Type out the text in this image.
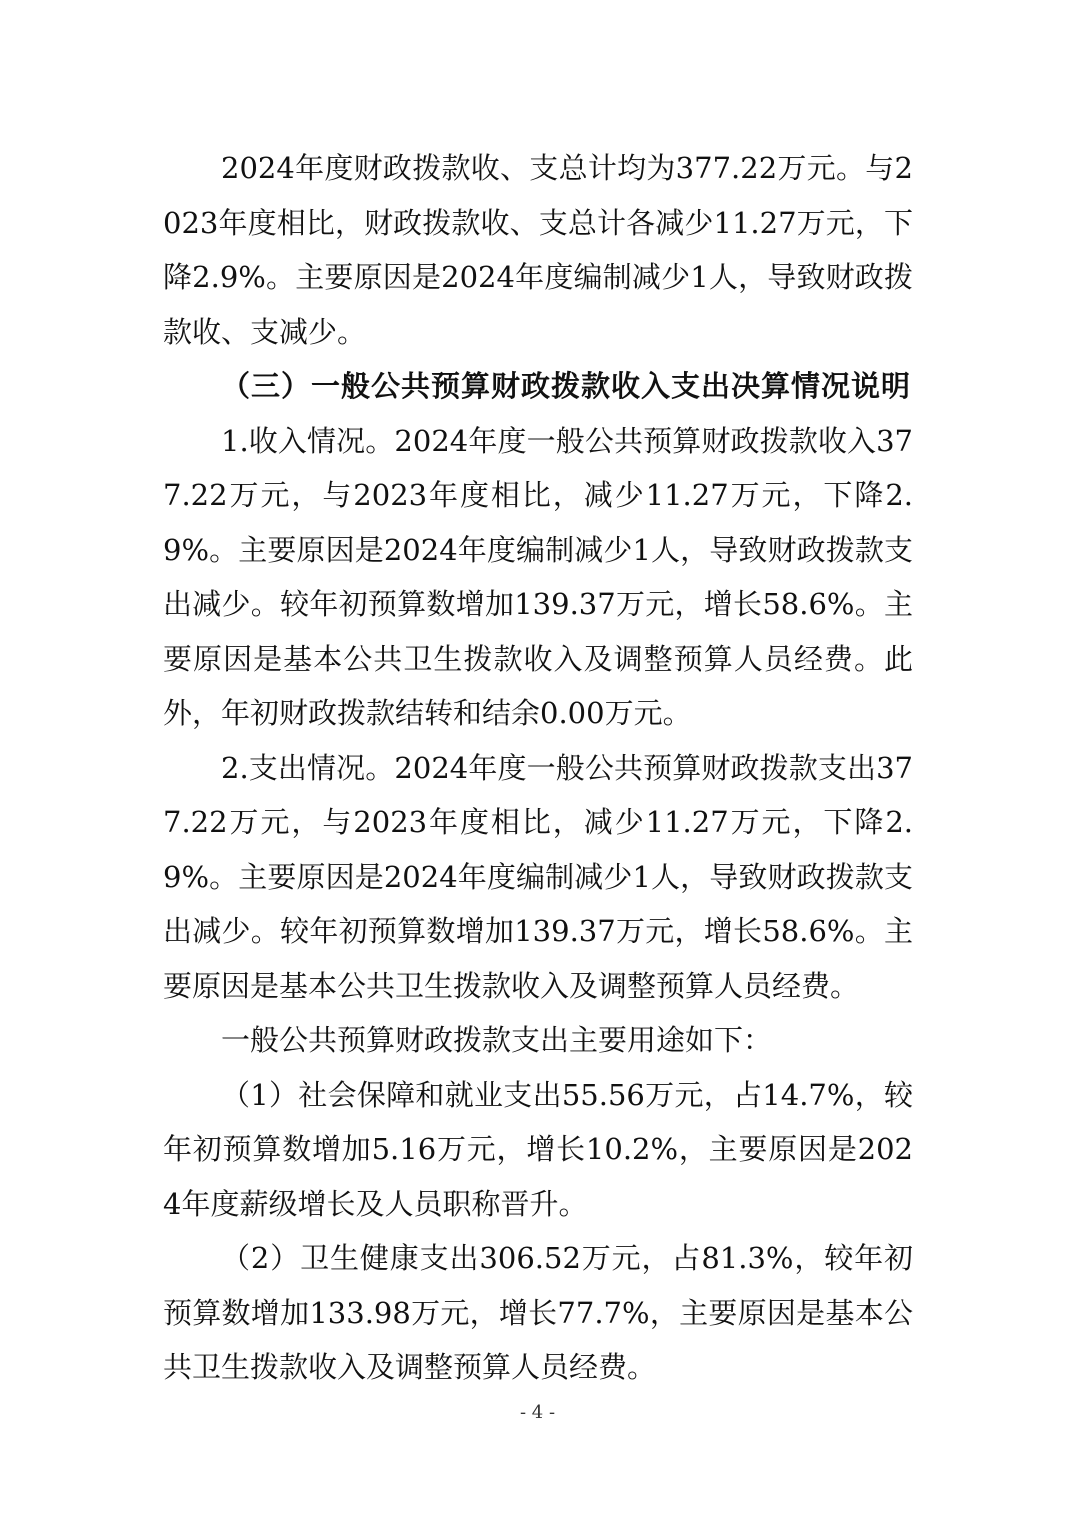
2024年度财政拨款收、支总计均为377.22万元。与2023年度相比，财政拨款收、支总计各减少11.27万元，下降2.9%。主要原因是2024年度编制减少1人，导致财政拨款收、支减少。

（三）一般公共预算财政拨款收入支出决算情况说明

1.收入情况。2024年度一般公共预算财政拨款收入377.22万元，与2023年度相比，减少11.27万元，下降2.9%。主要原因是2024年度编制减少1人，导致财政拨款支出减少。较年初预算数增加139.37万元，增长58.6%。主要原因是基本公共卫生拨款收入及调整预算人员经费。此外，年初财政拨款结转和结余0.00万元。

2.支出情况。2024年度一般公共预算财政拨款支出377.22万元，与2023年度相比，减少11.27万元，下降2.9%。主要原因是2024年度编制减少1人，导致财政拨款支出减少。较年初预算数增加139.37万元，增长58.6%。主要原因是基本公共卫生拨款收入及调整预算人员经费。

一般公共预算财政拨款支出主要用途如下：

（1）社会保障和就业支出55.56万元，占14.7%，较年初预算数增加5.16万元，增长10.2%，主要原因是2024年度薪级增长及人员职称晋升。

（2）卫生健康支出306.52万元，占81.3%，较年初预算数增加133.98万元，增长77.7%，主要原因是基本公共卫生拨款收入及调整预算人员经费。

- 4 -
